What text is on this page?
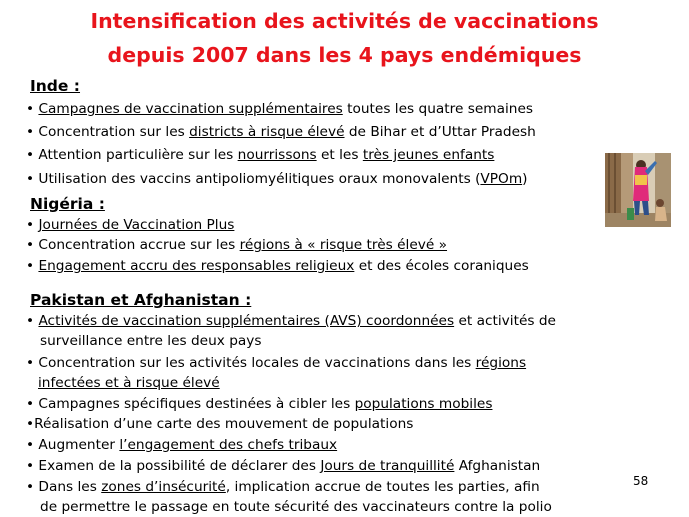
Intensification des activités de vaccinations
depuis 2007 dans les 4 pays endémiques
Inde :
• Campagnes de vaccination supplémentaires toutes les quatre semaines
• Concentration sur les districts à risque élevé de Bihar et d’Uttar Pradesh
• Attention particulière sur les nourrissons et les très jeunes enfants
• Utilisation des vaccins antipoliomyélitiques oraux monovalents (VPOm)
Nigéria :
• Journées de Vaccination Plus
• Concentration accrue sur les régions à « risque très élevé »
• Engagement accru des responsables religieux et des écoles coraniques
Pakistan et Afghanistan :
• Activités de vaccination supplémentaires (AVS) coordonnées et activités de
surveillance entre les deux pays
• Concentration sur les activités locales de vaccinations dans les régions
infectées et à risque élevé
• Campagnes spécifiques destinées à cibler les populations mobiles
•Réalisation d’une carte des mouvement de populations
• Augmenter l’engagement des chefs tribaux
• Examen de la possibilité de déclarer des Jours de tranquillité Afghanistan
• Dans les zones d’insécurité, implication accrue de toutes les parties, afin
de permettre le passage en toute sécurité des vaccinateurs contre la polio
58
